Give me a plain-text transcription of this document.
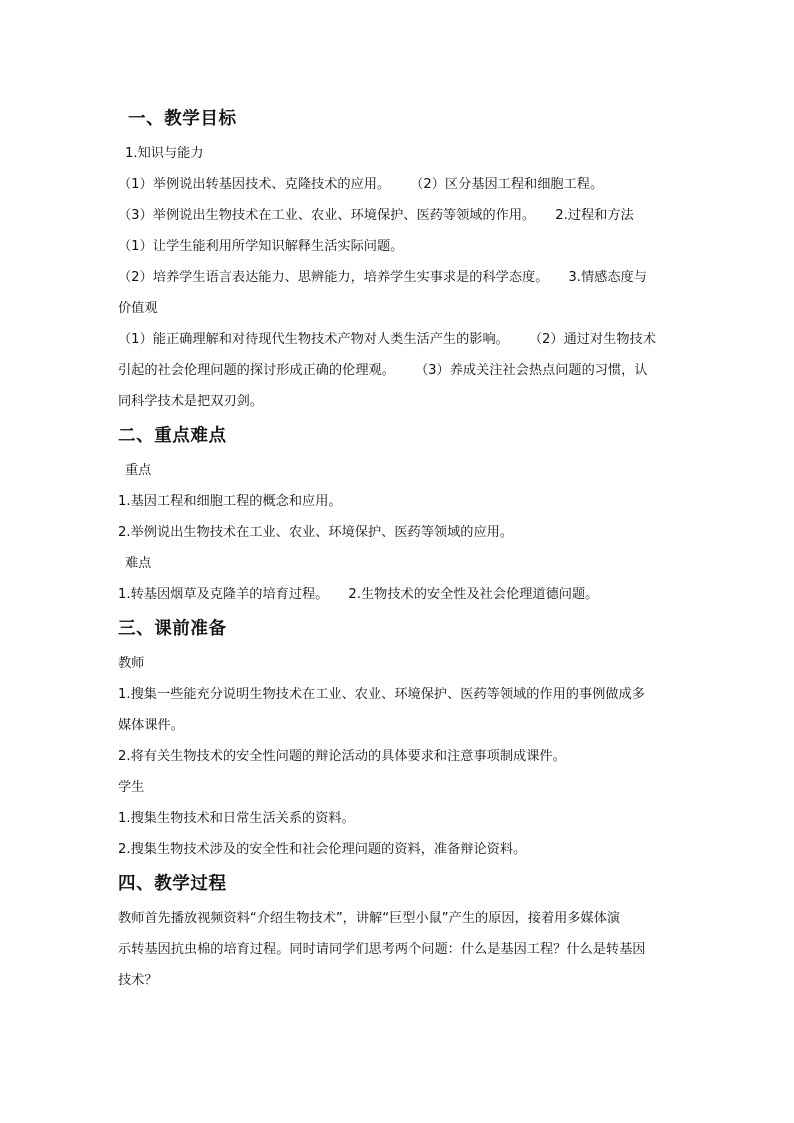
一、教学目标
1.知识与能力
（1）举例说出转基因技术、克隆技术的应用。 （2）区分基因工程和细胞工程。
（3）举例说出生物技术在工业、农业、环境保护、医药等领域的作用。 2.过程和方法
（1）让学生能利用所学知识解释生活实际问题。
（2）培养学生语言表达能力、思辨能力，培养学生实事求是的科学态度。 3.情感态度与
价值观
（1）能正确理解和对待现代生物技术产物对人类生活产生的影响。 （2）通过对生物技术
引起的社会伦理问题的探讨形成正确的伦理观。 （3）养成关注社会热点问题的习惯，认
同科学技术是把双刃剑。
二、重点难点
重点
1.基因工程和细胞工程的概念和应用。
2.举例说出生物技术在工业、农业、环境保护、医药等领域的应用。
难点
1.转基因烟草及克隆羊的培育过程。 2.生物技术的安全性及社会伦理道德问题。
三、课前准备
教师
1.搜集一些能充分说明生物技术在工业、农业、环境保护、医药等领域的作用的事例做成多
媒体课件。
2.将有关生物技术的安全性问题的辩论活动的具体要求和注意事项制成课件。
学生
1.搜集生物技术和日常生活关系的资料。
2.搜集生物技术涉及的安全性和社会伦理问题的资料，准备辩论资料。
四、教学过程
教师首先播放视频资料“介绍生物技术”，讲解“巨型小鼠”产生的原因，接着用多媒体演
示转基因抗虫棉的培育过程。同时请同学们思考两个问题：什么是基因工程？什么是转基因
技术？
